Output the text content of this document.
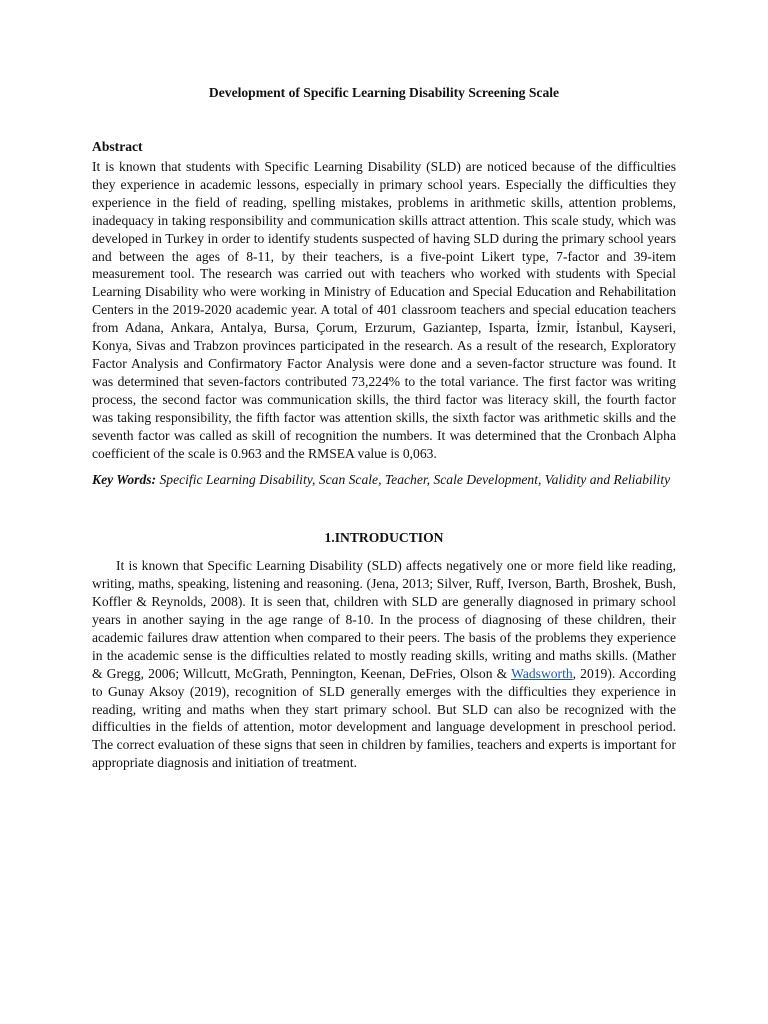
Development of Specific Learning Disability Screening Scale
Abstract

It is known that students with Specific Learning Disability (SLD) are noticed because of the difficulties they experience in academic lessons, especially in primary school years. Especially the difficulties they experience in the field of reading, spelling mistakes, problems in arithmetic skills, attention problems, inadequacy in taking responsibility and communication skills attract attention. This scale study, which was developed in Turkey in order to identify students suspected of having SLD during the primary school years and between the ages of 8-11, by their teachers, is a five-point Likert type, 7-factor and 39-item measurement tool. The research was carried out with teachers who worked with students with Special Learning Disability who were working in Ministry of Education and Special Education and Rehabilitation Centers in the 2019-2020 academic year. A total of 401 classroom teachers and special education teachers from Adana, Ankara, Antalya, Bursa, Çorum, Erzurum, Gaziantep, Isparta, İzmir, İstanbul, Kayseri, Konya, Sivas and Trabzon provinces participated in the research. As a result of the research, Exploratory Factor Analysis and Confirmatory Factor Analysis were done and a seven-factor structure was found. It was determined that seven-factors contributed 73,224% to the total variance. The first factor was writing process, the second factor was communication skills, the third factor was literacy skill, the fourth factor was taking responsibility, the fifth factor was attention skills, the sixth factor was arithmetic skills and the seventh factor was called as skill of recognition the numbers. It was determined that the Cronbach Alpha coefficient of the scale is 0.963 and the RMSEA value is 0,063.

Key Words: Specific Learning Disability, Scan Scale, Teacher, Scale Development, Validity and Reliability

1.INTRODUCTION

It is known that Specific Learning Disability (SLD) affects negatively one or more field like reading, writing, maths, speaking, listening and reasoning. (Jena, 2013; Silver, Ruff, Iverson, Barth, Broshek, Bush, Koffler & Reynolds, 2008). It is seen that, children with SLD are generally diagnosed in primary school years in another saying in the age range of 8-10. In the process of diagnosing of these children, their academic failures draw attention when compared to their peers. The basis of the problems they experience in the academic sense is the difficulties related to mostly reading skills, writing and maths skills. (Mather & Gregg, 2006; Willcutt, McGrath, Pennington, Keenan, DeFries, Olson & Wadsworth, 2019). According to Gunay Aksoy (2019), recognition of SLD generally emerges with the difficulties they experience in reading, writing and maths when they start primary school. But SLD can also be recognized with the difficulties in the fields of attention, motor development and language development in preschool period. The correct evaluation of these signs that seen in children by families, teachers and experts is important for appropriate diagnosis and initiation of treatment.
